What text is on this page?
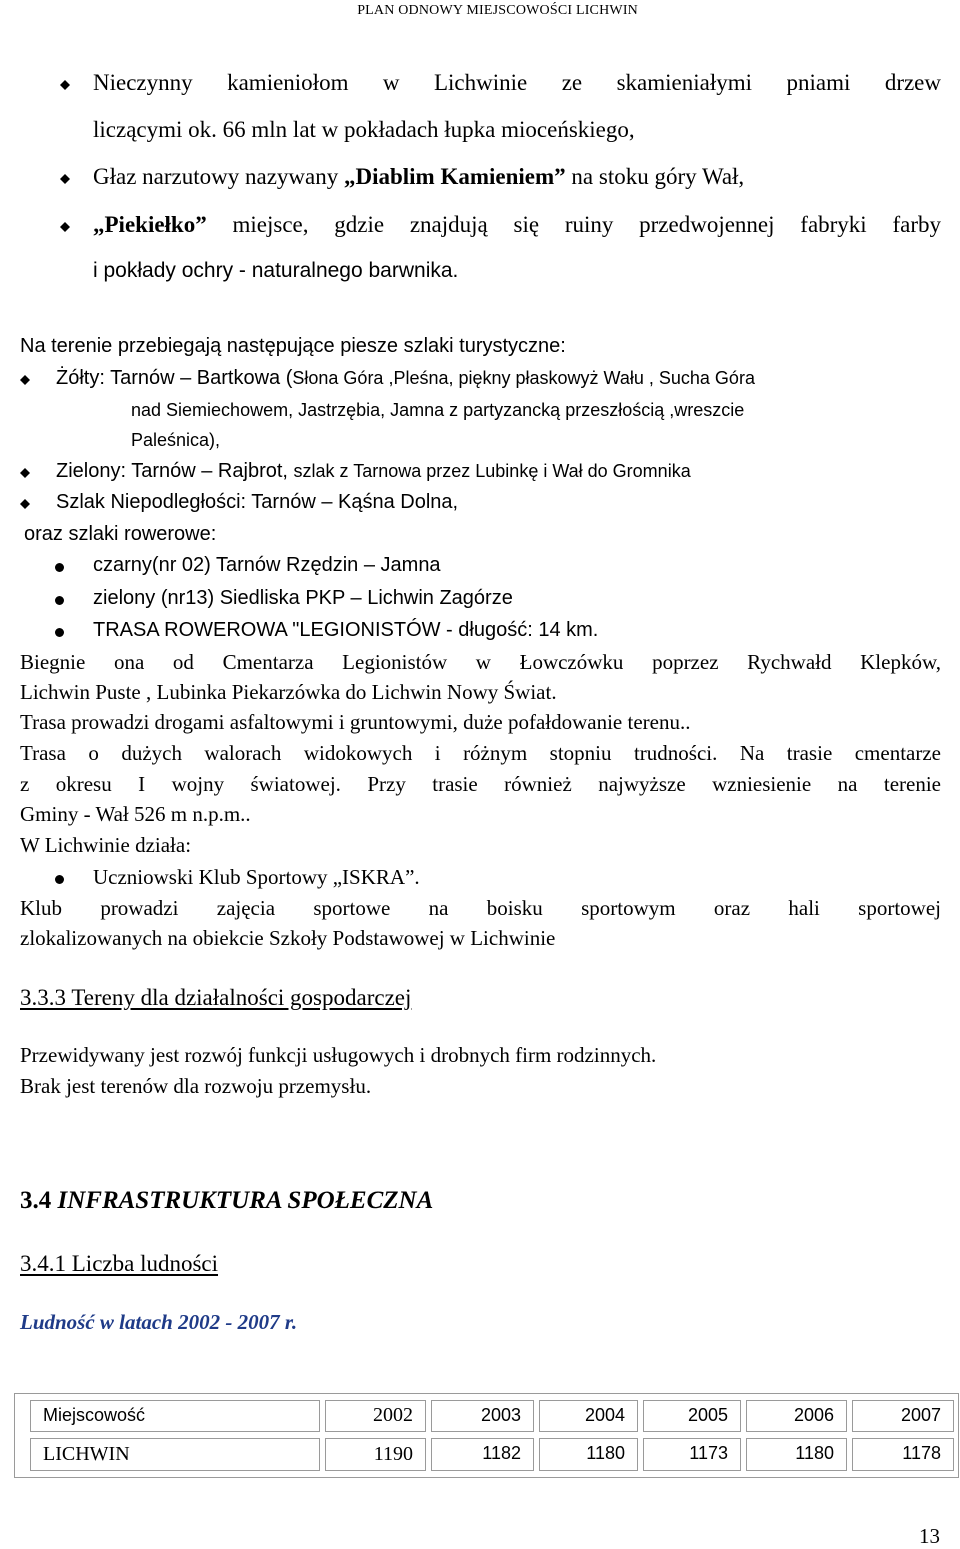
PLAN ODNOWY MIEJSCOWOŚCI LICHWIN
Nieczynny kamieniołom w Lichwinie ze skamieniałymi pniami drzew
liczącymi ok. 66 mln lat w pokładach łupka mioceńskiego,
Głaz narzutowy nazywany „Diablim Kamieniem” na stoku góry Wał,
„Piekiełko” miejsce, gdzie znajdują się ruiny przedwojennej fabryki farby
i pokłady ochry - naturalnego barwnika.
Na terenie przebiegają następujące piesze szlaki turystyczne:
Żółty: Tarnów – Bartkowa (Słona Góra ,Pleśna, piękny płaskowyż Wału , Sucha Góra
nad Siemiechowem, Jastrzębia, Jamna z partyzancką przeszłością ,wreszcie
Paleśnica),
Zielony: Tarnów – Rajbrot, szlak z Tarnowa przez Lubinkę i Wał do Gromnika
Szlak Niepodległości: Tarnów – Kąśna Dolna,
oraz szlaki rowerowe:
czarny(nr 02) Tarnów Rzędzin – Jamna
zielony (nr13) Siedliska PKP – Lichwin Zagórze
TRASA ROWEROWA "LEGIONISTÓW - długość: 14 km.
Biegnie ona od Cmentarza Legionistów w Łowczówku poprzez Rychwałd Klepków,
Lichwin Puste , Lubinka Piekarzówka do Lichwin Nowy Świat.
Trasa prowadzi drogami asfaltowymi i gruntowymi, duże pofałdowanie terenu..
Trasa o dużych walorach widokowych i różnym stopniu trudności. Na trasie cmentarze
z okresu I wojny światowej. Przy trasie również najwyższe wzniesienie na terenie
Gminy - Wał 526 m n.p.m..
W Lichwinie działa:
Uczniowski Klub Sportowy „ISKRA”.
Klub prowadzi zajęcia sportowe na boisku sportowym oraz hali sportowej
zlokalizowanych na obiekcie Szkoły Podstawowej w Lichwinie
3.3.3 Tereny dla działalności gospodarczej
Przewidywany jest rozwój funkcji usługowych i drobnych firm rodzinnych.
Brak jest terenów dla rozwoju przemysłu.
3.4 INFRASTRUKTURA SPOŁECZNA
3.4.1 Liczba ludności
Ludność w latach 2002 - 2007 r.
Miejscowość	2002	2003	2004	2005	2006	2007
LICHWIN	1190	1182	1180	1173	1180	1178
13
